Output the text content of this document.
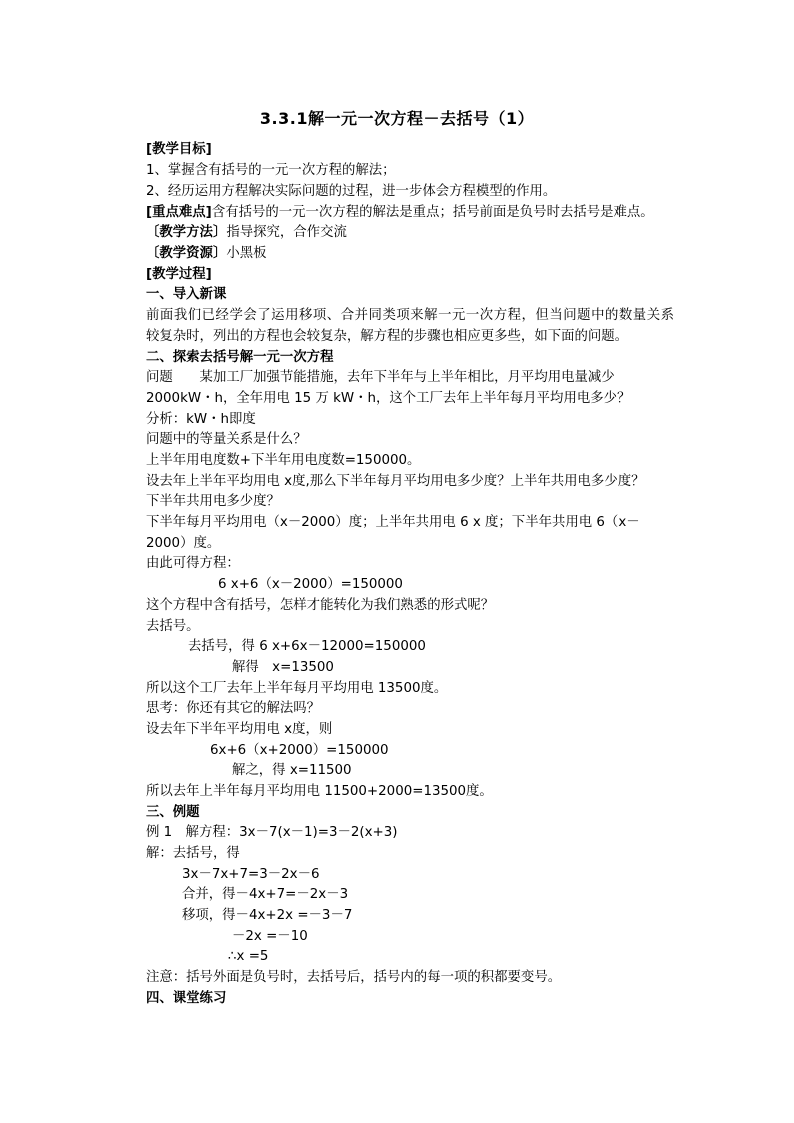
3.3.1解一元一次方程－去括号（1）
[教学目标]
1、掌握含有括号的一元一次方程的解法；
2、经历运用方程解决实际问题的过程，进一步体会方程模型的作用。
[重点难点]含有括号的一元一次方程的解法是重点；括号前面是负号时去括号是难点。
〔教学方法〕指导探究，合作交流
〔教学资源〕小黑板
[教学过程]
一、导入新课
前面我们已经学会了运用移项、合并同类项来解一元一次方程，但当问题中的数量关系
较复杂时，列出的方程也会较复杂，解方程的步骤也相应更多些，如下面的问题。
二、探索去括号解一元一次方程
问题　　某加工厂加强节能措施，去年下半年与上半年相比，月平均用电量减少
2000kW・h，全年用电 15 万 kW・h，这个工厂去年上半年每月平均用电多少？
分析：kW・h即度
问题中的等量关系是什么？
上半年用电度数+下半年用电度数=150000。
设去年上半年平均用电 x度,那么下半年每月平均用电多少度？上半年共用电多少度？
下半年共用电多少度？
下半年每月平均用电（x－2000）度；上半年共用电 6 x 度；下半年共用电 6（x－
2000）度。
由此可得方程：
6 x+6（x－2000）=150000
这个方程中含有括号，怎样才能转化为我们熟悉的形式呢？
去括号。
去括号，得 6 x+6x－12000=150000
解得　x=13500
所以这个工厂去年上半年每月平均用电 13500度。
思考：你还有其它的解法吗？
设去年下半年平均用电 x度，则
6x+6（x+2000）=150000
解之，得 x=11500
所以去年上半年每月平均用电 11500+2000=13500度。
三、例题
例 1　解方程：3x－7(x－1)=3－2(x+3)
解：去括号，得
3x－7x+7=3－2x－6
合并，得－4x+7=－2x－3
移项，得－4x+2x =－3－7
－2x =－10
∴x =5
注意：括号外面是负号时，去括号后，括号内的每一项的积都要变号。
四、课堂练习
